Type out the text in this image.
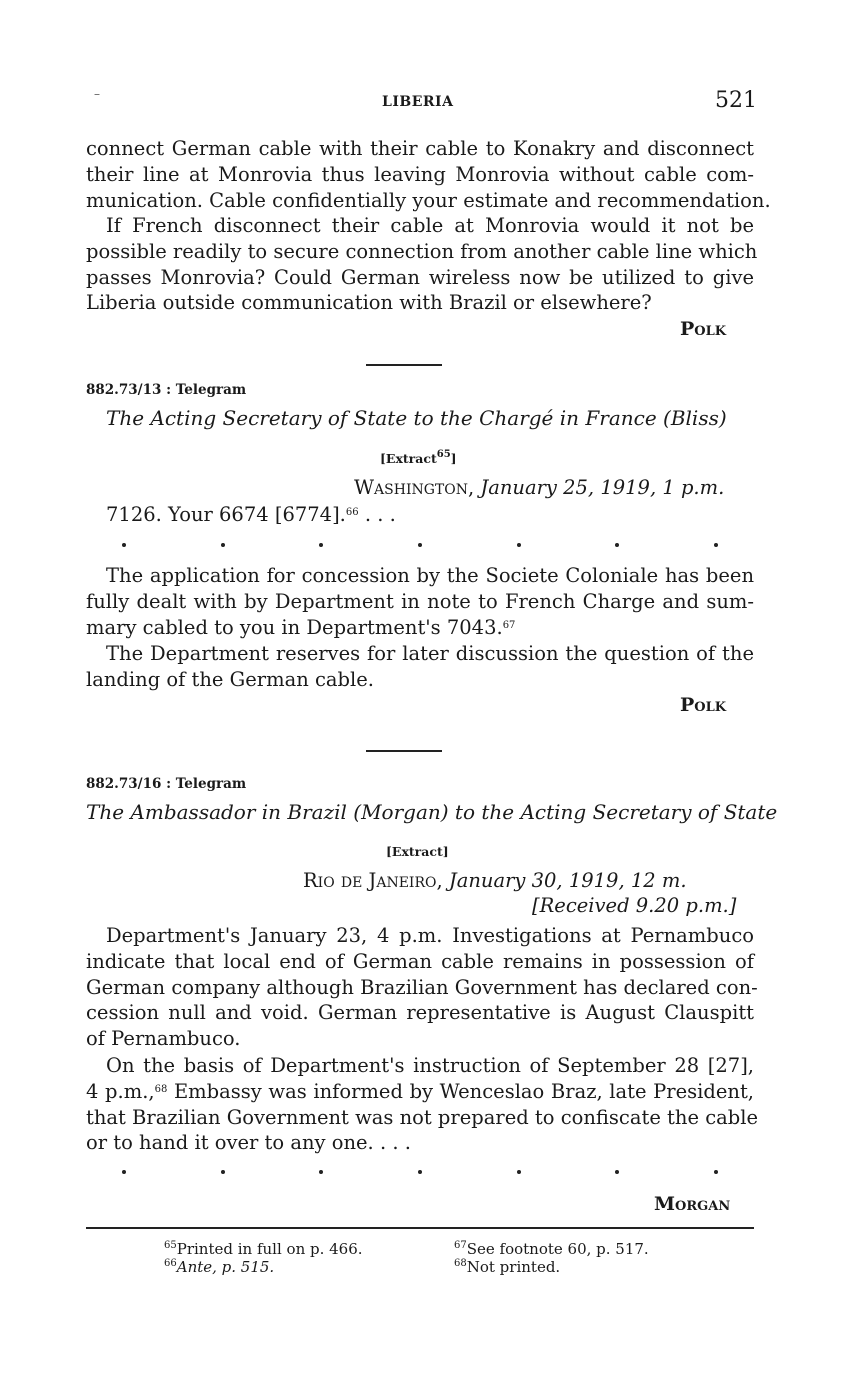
–	LIBERIA	521
connect German cable with their cable to Konakry and disconnect
their line at Monrovia thus leaving Monrovia without cable com-
munication. Cable confidentially your estimate and recommendation.
If French disconnect their cable at Monrovia would it not be
possible readily to secure connection from another cable line which
passes Monrovia? Could German wireless now be utilized to give
Liberia outside communication with Brazil or elsewhere?
Polk
882.73/13 : Telegram
The Acting Secretary of State to the Chargé in France (Bliss)
[Extract$^{65}$]
Washington, January 25, 1919, 1 p.m.
7126. Your 6674 [6774].$^{66}$ . . .
The application for concession by the Societe Coloniale has been
fully dealt with by Department in note to French Charge and sum-
mary cabled to you in Department's 7043.67
The Department reserves for later discussion the question of the
landing of the German cable.
Polk
882.73/16 : Telegram
The Ambassador in Brazil (Morgan) to the Acting Secretary of State
[Extract]
Rio de Janeiro, January 30, 1919, 12 m.
[Received 9.20 p.m.]
Department's January 23, 4 p.m. Investigations at Pernambuco
indicate that local end of German cable remains in possession of
German company although Brazilian Government has declared con-
cession null and void. German representative is August Clauspitt
of Pernambuco.
On the basis of Department's instruction of September 28 [27],
4 p.m.,$^{68}$ Embassy was informed by Wenceslao Braz, late President,
that Brazilian Government was not prepared to confiscate the cable
or to hand it over to any one. . . .
Morgan
$^{65}$Printed in full on p. 466.
$^{66}$Ante, p. 515.
$^{67}$See footnote 60, p. 517.
$^{68}$Not printed.
